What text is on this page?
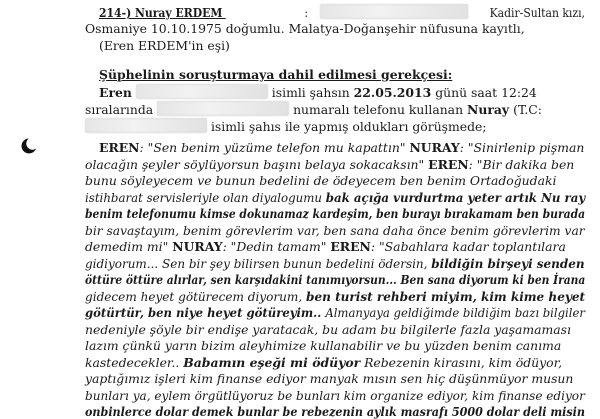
214-) Nuray ERDEM	:	Kadir-Sultan kızı,
Osmaniye 10.10.1975 doğumlu. Malatya-Doğanşehir nüfusuna kayıtlı,
(Eren ERDEM'in eşi)
Şüphelinin soruşturmaya dahil edilmesi gerekçesi:
Eren	isimli şahsın 22.05.2013 günü saat 12:24
sıralarında	numaralı telefonu kullanan Nuray (T.C:
isimli şahıs ile yapmış oldukları görüşmede;
EREN: "Sen benim yüzüme telefon mu kapattın" NURAY: "Sinirlenip pişman
olacağın şeyler söylüyorsun başını belaya sokacaksın" EREN: "Bir dakika ben
bunu söyleyecem ve bunun bedelini de ödeyecem ben benim Ortadoğudaki
istihbarat servisleriyle olan diyalogumu bak açığa vurdurtma yeter artık Nu ray
benim telefonumu kimse dokunamaz kardeşim, ben burayı bırakamam ben burada
bir savaştayım, benim görevlerim var, ben sana daha önce benim görevlerim var
demedim mi" NURAY: "Dedin tamam" EREN: "Sabahlara kadar toplantılara
gidiyorum... Sen bir şey bilirsen bunun bedelini ödersin, bildiğin birşeyi senden
öttüre öttüre alırlar, sen karşıdakini tanımıyorsun... Ben sana diyorum ki ben İrana
gidecem heyet götürecem diyorum, ben turist rehberi miyim, kim kime heyet
götürtür, ben niye heyet götüreyim.. Almanyaya geldiğimde bildiğim bazı bilgiler
nedeniyle şöyle bir endişe yaratacak, bu adam bu bilgilerle fazla yaşamaması
lazım çünkü yarın bizim aleyhimize kullanabilir ve bu yüzden benim canıma
kastedecekler.. Babamın eşeği mi ödüyor Rebezenin kirasını, kim ödüyor,
yaptığımız işleri kim finanse ediyor manyak mısın sen hiç düşünmüyor musun
bunları ya, eylem örgütlüyoruz be bunları kim organize ediyor, kim finanse ediyor
onbinlerce dolar demek bunlar be rebezenin aylık masrafı 5000 dolar deli misin
